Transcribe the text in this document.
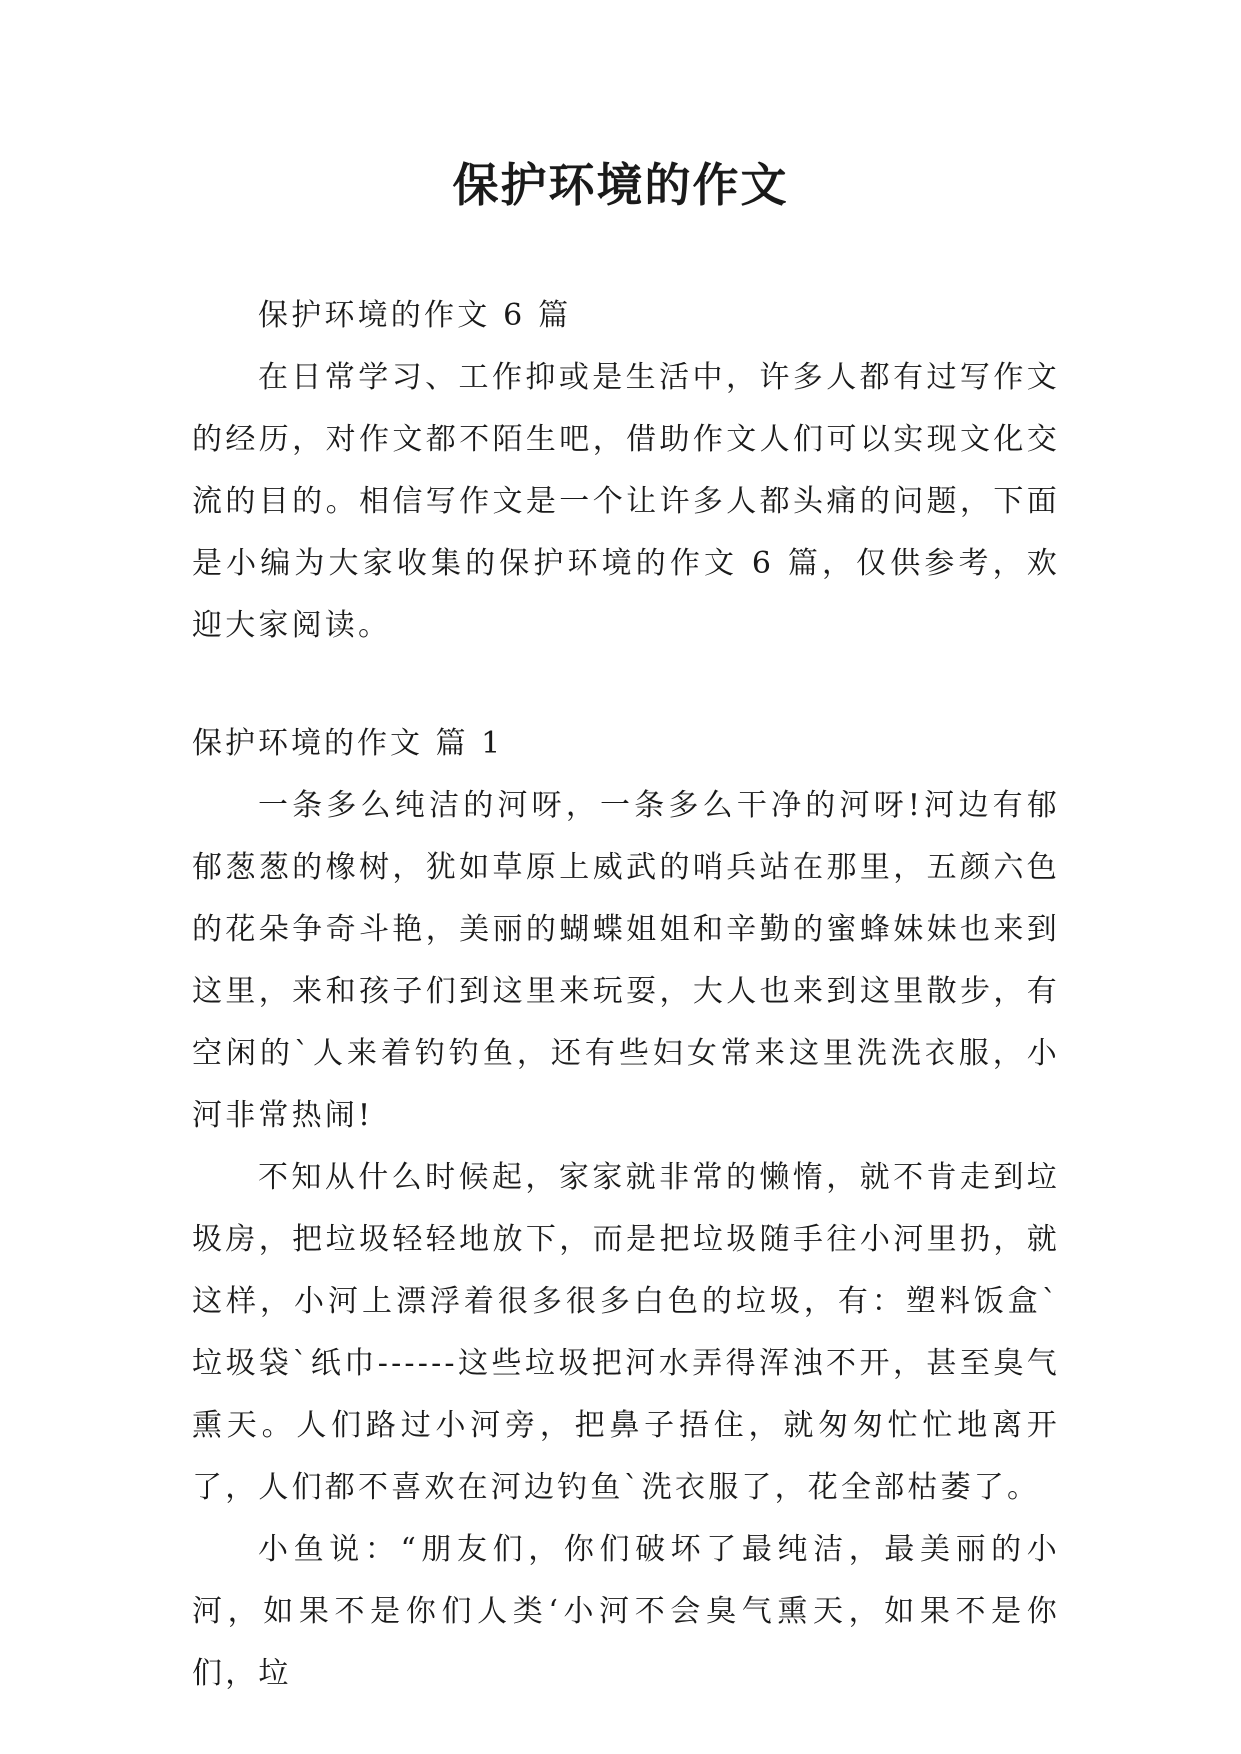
保护环境的作文

保护环境的作文 6 篇

在日常学习、工作抑或是生活中，许多人都有过写作文的经历，对作文都不陌生吧，借助作文人们可以实现文化交流的目的。相信写作文是一个让许多人都头痛的问题，下面是小编为大家收集的保护环境的作文 6 篇，仅供参考，欢迎大家阅读。

保护环境的作文 篇 1

一条多么纯洁的河呀，一条多么干净的河呀!河边有郁郁葱葱的橡树，犹如草原上威武的哨兵站在那里，五颜六色的花朵争奇斗艳，美丽的蝴蝶姐姐和辛勤的蜜蜂妹妹也来到这里，来和孩子们到这里来玩耍，大人也来到这里散步，有空闲的`人来着钓钓鱼，还有些妇女常来这里洗洗衣服，小河非常热闹!

不知从什么时候起，家家就非常的懒惰，就不肯走到垃圾房，把垃圾轻轻地放下，而是把垃圾随手往小河里扔，就这样，小河上漂浮着很多很多白色的垃圾，有：塑料饭盒`垃圾袋`纸巾------这些垃圾把河水弄得浑浊不开，甚至臭气熏天。人们路过小河旁，把鼻子捂住，就匆匆忙忙地离开了，人们都不喜欢在河边钓鱼`洗衣服了，花全部枯萎了。

小鱼说：“朋友们，你们破坏了最纯洁，最美丽的小河，如果不是你们人类‘小河不会臭气熏天，如果不是你们，垃
